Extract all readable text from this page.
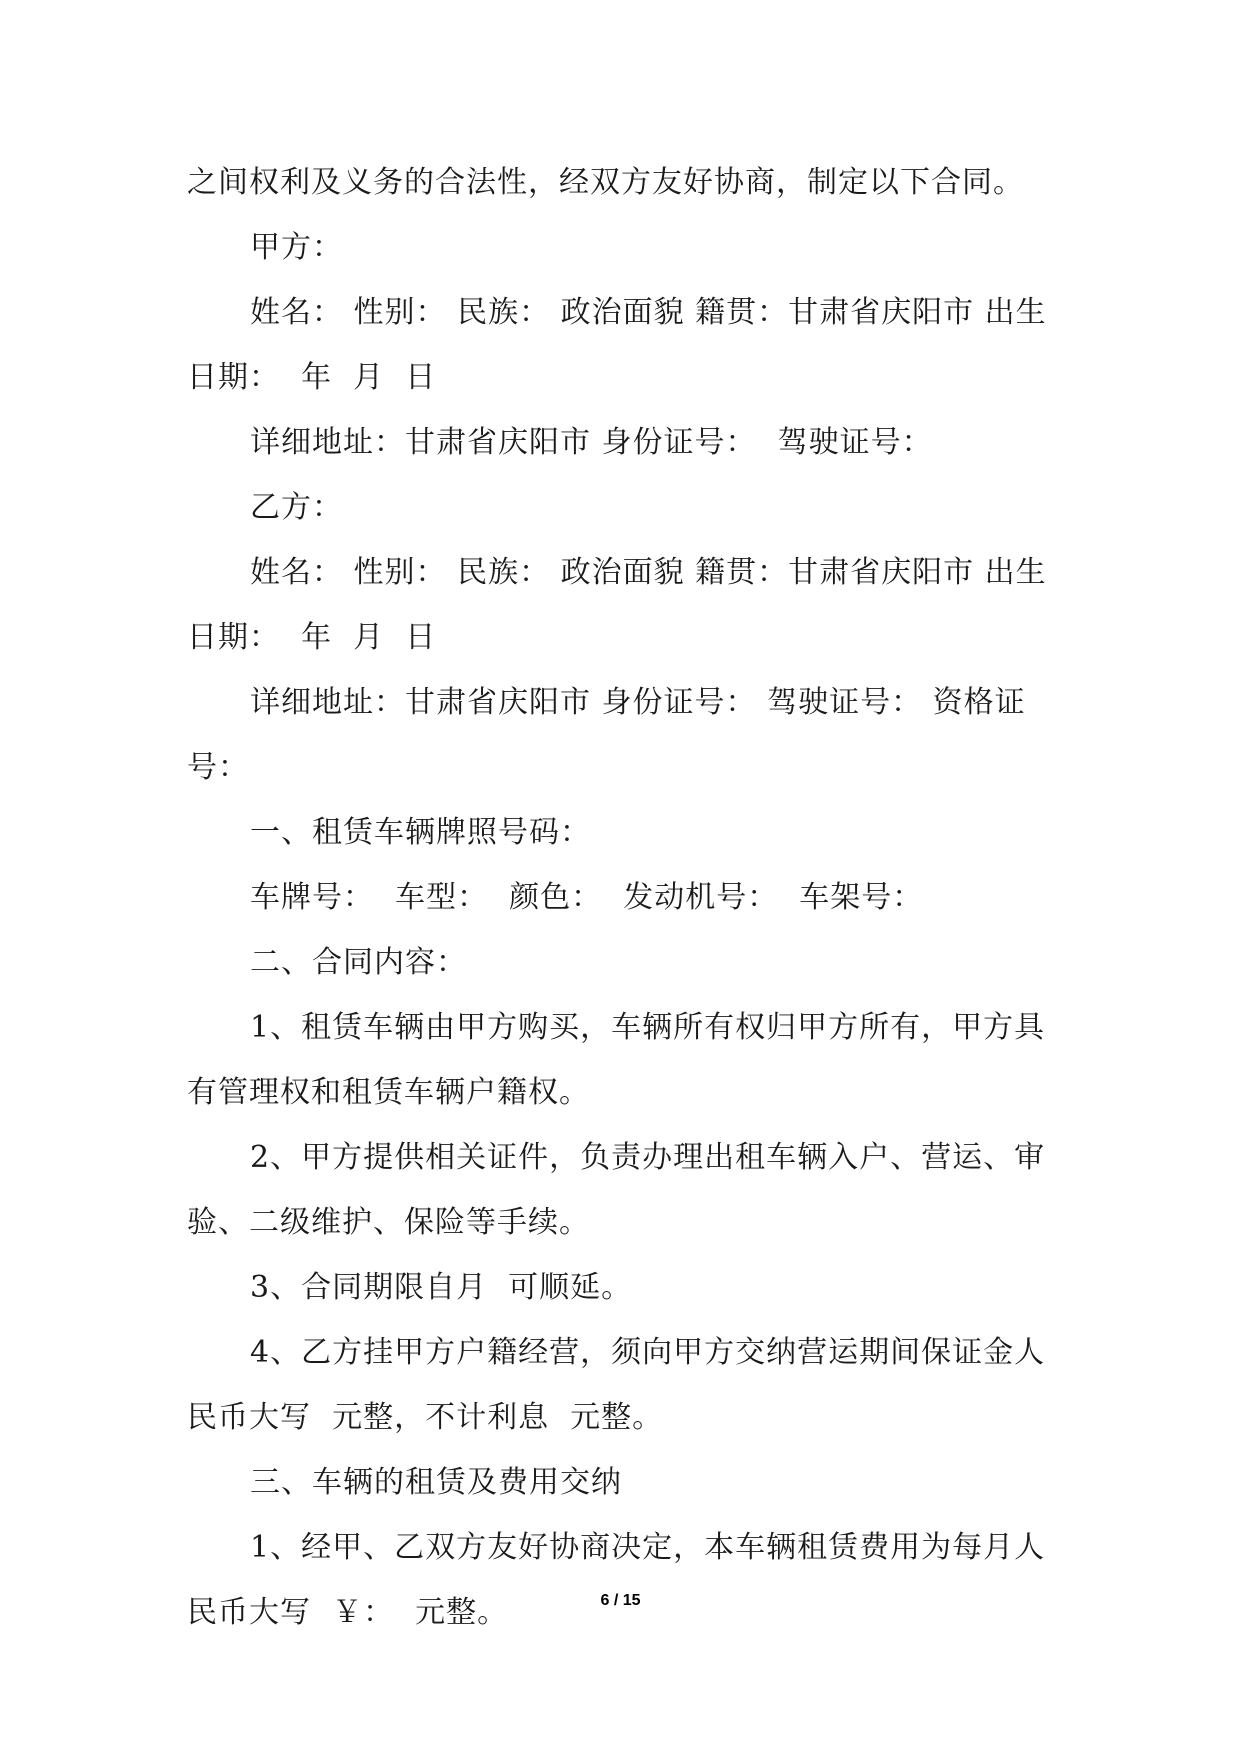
之间权利及义务的合法性，经双方友好协商，制定以下合同。

甲方：

姓名： 性别： 民族： 政治面貌 籍贯：甘肃省庆阳市 出生日期：  年  月  日

详细地址：甘肃省庆阳市 身份证号：  驾驶证号：

乙方：

姓名： 性别： 民族： 政治面貌 籍贯：甘肃省庆阳市 出生日期：  年  月  日

详细地址：甘肃省庆阳市 身份证号： 驾驶证号： 资格证号：

一、租赁车辆牌照号码：

车牌号：  车型：  颜色：  发动机号：  车架号：

二、合同内容：

1、租赁车辆由甲方购买，车辆所有权归甲方所有，甲方具有管理权和租赁车辆户籍权。

2、甲方提供相关证件，负责办理出租车辆入户、营运、审验、二级维护、保险等手续。

3、合同期限自月  可顺延。

4、乙方挂甲方户籍经营，须向甲方交纳营运期间保证金人民币大写  元整，不计利息  元整。

三、车辆的租赁及费用交纳

1、经甲、乙双方友好协商决定，本车辆租赁费用为每月人民币大写  ￥：  元整。	6 / 15
